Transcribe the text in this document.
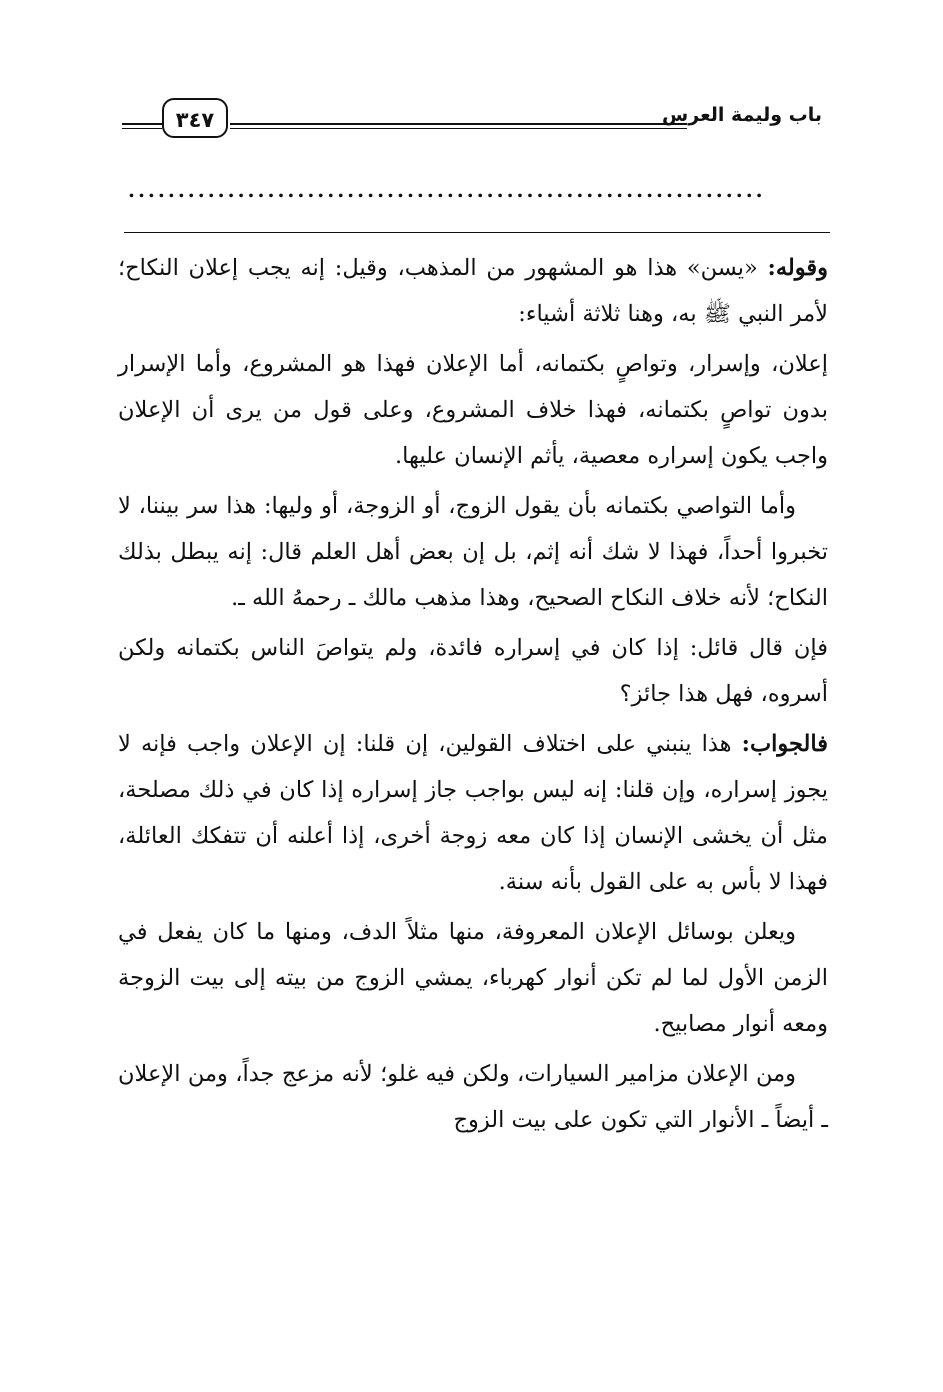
باب وليمة العرس
٣٤٧
................................................................

وقوله: «يسن» هذا هو المشهور من المذهب، وقيل: إنه يجب إعلان النكاح؛ لأمر النبي ﷺ به، وهنا ثلاثة أشياء:

إعلان، وإسرار، وتواصٍ بكتمانه، أما الإعلان فهذا هو المشروع، وأما الإسرار بدون تواصٍ بكتمانه، فهذا خلاف المشروع، وعلى قول من يرى أن الإعلان واجب يكون إسراره معصية، يأثم الإنسان عليها.

وأما التواصي بكتمانه بأن يقول الزوج، أو الزوجة، أو وليها: هذا سر بيننا، لا تخبروا أحداً، فهذا لا شك أنه إثم، بل إن بعض أهل العلم قال: إنه يبطل بذلك النكاح؛ لأنه خلاف النكاح الصحيح، وهذا مذهب مالك ـ رحمهُ الله ـ.

فإن قال قائل: إذا كان في إسراره فائدة، ولم يتواصَ الناس بكتمانه ولكن أسروه، فهل هذا جائز؟

فالجواب: هذا ينبني على اختلاف القولين، إن قلنا: إن الإعلان واجب فإنه لا يجوز إسراره، وإن قلنا: إنه ليس بواجب جاز إسراره إذا كان في ذلك مصلحة، مثل أن يخشى الإنسان إذا كان معه زوجة أخرى، إذا أعلنه أن تتفكك العائلة، فهذا لا بأس به على القول بأنه سنة.

ويعلن بوسائل الإعلان المعروفة، منها مثلاً الدف، ومنها ما كان يفعل في الزمن الأول لما لم تكن أنوار كهرباء، يمشي الزوج من بيته إلى بيت الزوجة ومعه أنوار مصابيح.

ومن الإعلان مزامير السيارات، ولكن فيه غلو؛ لأنه مزعج جداً، ومن الإعلان ـ أيضاً ـ الأنوار التي تكون على بيت الزوج
